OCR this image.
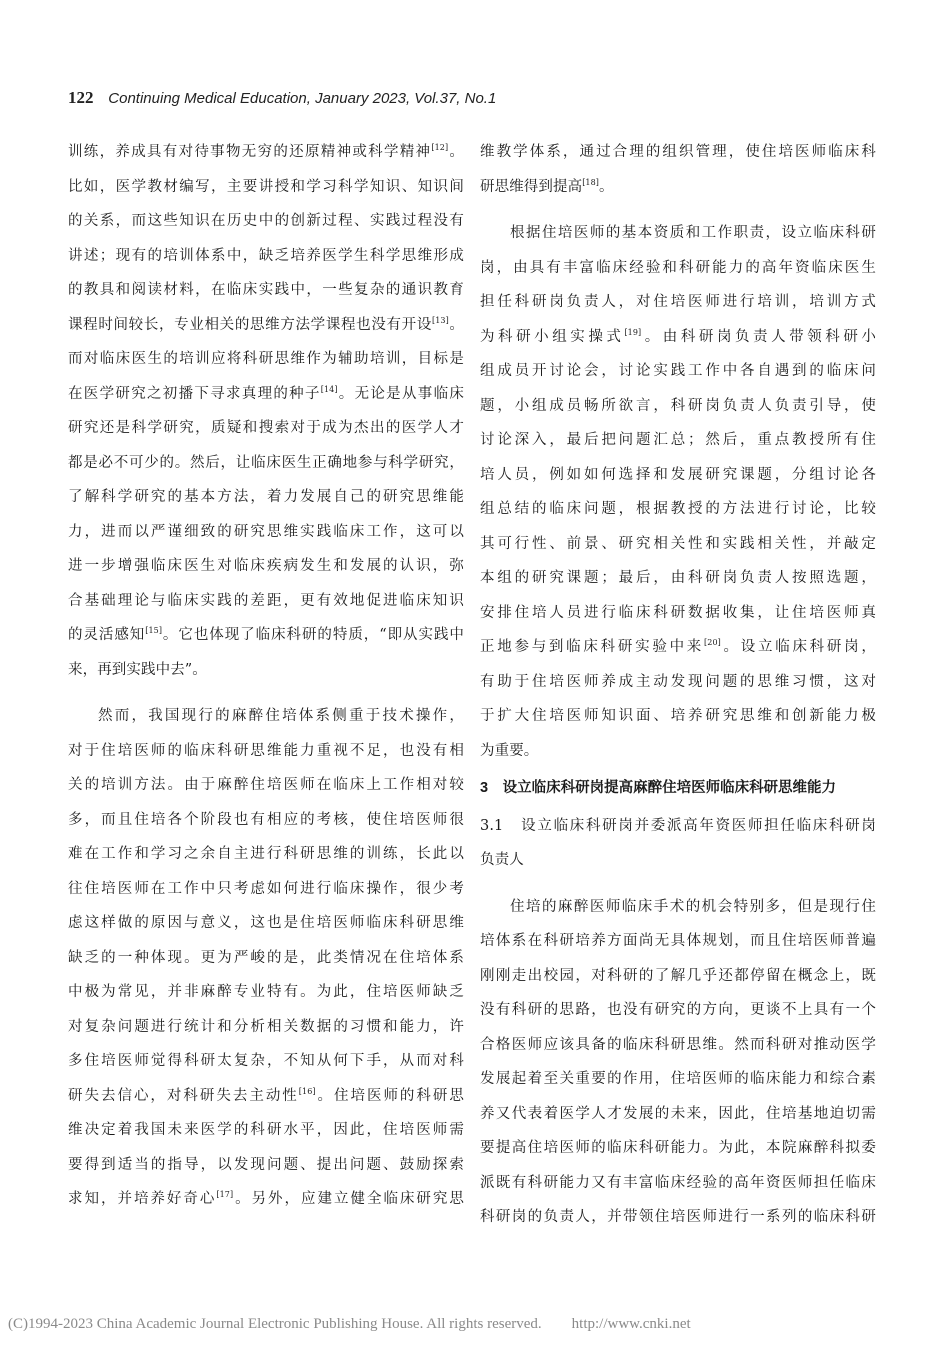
122 Continuing Medical Education, January 2023, Vol.37, No.1
训练，养成具有对待事物无穷的还原精神或科学精神[12]。
比如，医学教材编写，主要讲授和学习科学知识、知识间
的关系，而这些知识在历史中的创新过程、实践过程没有
讲述；现有的培训体系中，缺乏培养医学生科学思维形成
的教具和阅读材料，在临床实践中，一些复杂的通识教育
课程时间较长，专业相关的思维方法学课程也没有开设[13]。
而对临床医生的培训应将科研思维作为辅助培训，目标是
在医学研究之初播下寻求真理的种子[14]。无论是从事临床
研究还是科学研究，质疑和搜索对于成为杰出的医学人才
都是必不可少的。然后，让临床医生正确地参与科学研究，
了解科学研究的基本方法，着力发展自己的研究思维能
力，进而以严谨细致的研究思维实践临床工作，这可以
进一步增强临床医生对临床疾病发生和发展的认识，弥
合基础理论与临床实践的差距，更有效地促进临床知识
的灵活感知[15]。它也体现了临床科研的特质，“即从实践中
来，再到实践中去”。
然而，我国现行的麻醉住培体系侧重于技术操作，
对于住培医师的临床科研思维能力重视不足，也没有相
关的培训方法。由于麻醉住培医师在临床上工作相对较
多，而且住培各个阶段也有相应的考核，使住培医师很
难在工作和学习之余自主进行科研思维的训练，长此以
往住培医师在工作中只考虑如何进行临床操作，很少考
虑这样做的原因与意义，这也是住培医师临床科研思维
缺乏的一种体现。更为严峻的是，此类情况在住培体系
中极为常见，并非麻醉专业特有。为此，住培医师缺乏
对复杂问题进行统计和分析相关数据的习惯和能力，许
多住培医师觉得科研太复杂，不知从何下手，从而对科
研失去信心，对科研失去主动性[16]。住培医师的科研思
维决定着我国未来医学的科研水平，因此，住培医师需
要得到适当的指导，以发现问题、提出问题、鼓励探索
求知，并培养好奇心[17]。另外，应建立健全临床研究思
维教学体系，通过合理的组织管理，使住培医师临床科
研思维得到提高[18]。
根据住培医师的基本资质和工作职责，设立临床科研
岗，由具有丰富临床经验和科研能力的高年资临床医生
担任科研岗负责人，对住培医师进行培训，培训方式
为科研小组实操式[19]。由科研岗负责人带领科研小
组成员开讨论会，讨论实践工作中各自遇到的临床问
题，小组成员畅所欲言，科研岗负责人负责引导，使
讨论深入，最后把问题汇总；然后，重点教授所有住
培人员，例如如何选择和发展研究课题，分组讨论各
组总结的临床问题，根据教授的方法进行讨论，比较
其可行性、前景、研究相关性和实践相关性，并敲定
本组的研究课题；最后，由科研岗负责人按照选题，
安排住培人员进行临床科研数据收集，让住培医师真
正地参与到临床科研实验中来[20]。设立临床科研岗，
有助于住培医师养成主动发现问题的思维习惯，这对
于扩大住培医师知识面、培养研究思维和创新能力极
为重要。
3　设立临床科研岗提高麻醉住培医师临床科研思维能力
3.1　设立临床科研岗并委派高年资医师担任临床科研岗
负责人
住培的麻醉医师临床手术的机会特别多，但是现行住
培体系在科研培养方面尚无具体规划，而且住培医师普遍
刚刚走出校园，对科研的了解几乎还都停留在概念上，既
没有科研的思路，也没有研究的方向，更谈不上具有一个
合格医师应该具备的临床科研思维。然而科研对推动医学
发展起着至关重要的作用，住培医师的临床能力和综合素
养又代表着医学人才发展的未来，因此，住培基地迫切需
要提高住培医师的临床科研能力。为此，本院麻醉科拟委
派既有科研能力又有丰富临床经验的高年资医师担任临床
科研岗的负责人，并带领住培医师进行一系列的临床科研
(C)1994-2023 China Academic Journal Electronic Publishing House. All rights reserved.　　http://www.cnki.net
